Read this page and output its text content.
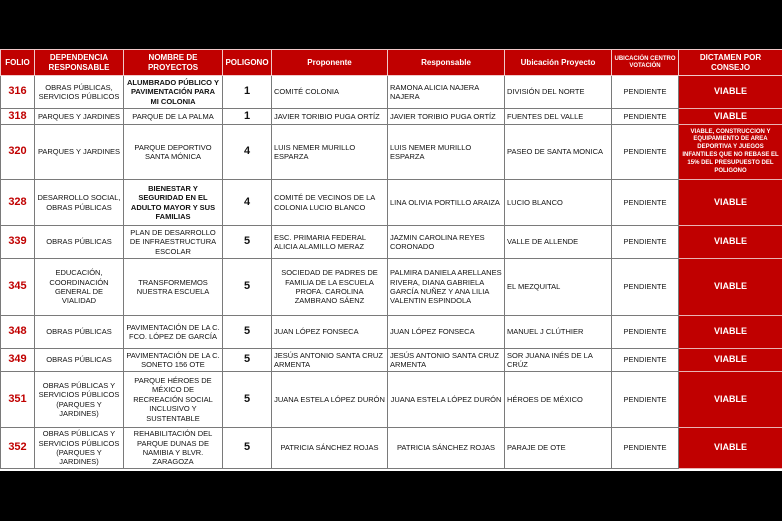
FOLIO	DEPENDENCIA RESPONSABLE	NOMBRE DE PROYECTOS	POLIGONO	Proponente	Responsable	Ubicación Proyecto	UBICACIÓN CENTRO VOTACIÓN	DICTAMEN POR CONSEJO
316	OBRAS PÚBLICAS, SERVICIOS PÚBLICOS	ALUMBRADO PÚBLICO Y PAVIMENTACIÓN PARA MI COLONIA	1	COMITÉ COLONIA	RAMONA ALICIA NAJERA NAJERA	DIVISIÓN DEL NORTE	PENDIENTE	VIABLE
318	PARQUES Y JARDINES	PARQUE DE LA PALMA	1	JAVIER TORIBIO PUGA ORTÍZ	JAVIER TORIBIO PUGA ORTÍZ	FUENTES DEL VALLE	PENDIENTE	VIABLE
320	PARQUES Y JARDINES	PARQUE DEPORTIVO SANTA MÓNICA	4	LUIS NEMER MURILLO ESPARZA	LUIS NEMER MURILLO ESPARZA	PASEO DE SANTA MONICA	PENDIENTE	VIABLE, CONSTRUCCION Y EQUIPAMIENTO DE AREA DEPORTIVA Y JUEGOS INFANTILES QUE NO REBASE EL 15% DEL PRESUPUESTO DEL POLIGONO

328	DESARROLLO SOCIAL, OBRAS PÚBLICAS	BIENESTAR Y SEGURIDAD EN EL ADULTO MAYOR Y SUS FAMILIAS	4	COMITÉ DE VECINOS DE LA COLONIA LUCIO BLANCO	LINA OLIVIA PORTILLO ARAIZA	LUCIO BLANCO	PENDIENTE	VIABLE
339	OBRAS PÚBLICAS	PLAN DE DESARROLLO DE INFRAESTRUCTURA ESCOLAR	5	ESC. PRIMARIA FEDERAL ALICIA ALAMILLO MERAZ	JAZMIN CAROLINA REYES CORONADO	VALLE DE ALLENDE	PENDIENTE	VIABLE
345	EDUCACIÓN, COORDINACIÓN GENERAL DE VIALIDAD	TRANSFORMEMOS NUESTRA ESCUELA	5	SOCIEDAD DE PADRES DE FAMILIA DE LA ESCUELA PROFA. CAROLINA ZAMBRANO SÁENZ	PALMIRA DANIELA ARELLANES RIVERA, DIANA GABRIELA GARCÍA NUÑEZ Y ANA LILIA VALENTIN ESPINDOLA	EL MEZQUITAL	PENDIENTE	VIABLE
348	OBRAS PÚBLICAS	PAVIMENTACIÓN DE LA C. FCO. LÓPEZ DE GARCÍA	5	JUAN LÓPEZ FONSECA	JUAN LÓPEZ FONSECA	MANUEL J CLÚTHIER	PENDIENTE	VIABLE
349	OBRAS PÚBLICAS	PAVIMENTACIÓN DE LA C. SONETO 156 OTE	5	JESÚS ANTONIO SANTA CRUZ ARMENTA	JESÚS ANTONIO SANTA CRUZ ARMENTA	SOR JUANA INÉS DE LA CRÚZ	PENDIENTE	VIABLE
351	OBRAS PÚBLICAS Y SERVICIOS PÚBLICOS (PARQUES Y JARDINES)	PARQUE HÉROES DE MÉXICO DE RECREACIÓN SOCIAL INCLUSIVO Y SUSTENTABLE	5	JUANA ESTELA LÓPEZ DURÓN	JUANA ESTELA LÓPEZ DURÓN	HÉROES DE MÉXICO	PENDIENTE	VIABLE
352	OBRAS PÚBLICAS Y SERVICIOS PÚBLICOS (PARQUES Y JARDINES)	REHABILITACIÓN DEL PARQUE DUNAS DE NAMIBIA Y BLVR. ZARAGOZA	5	PATRICIA SÁNCHEZ ROJAS	PATRICIA SÁNCHEZ ROJAS	PARAJE DE OTE	PENDIENTE	VIABLE
